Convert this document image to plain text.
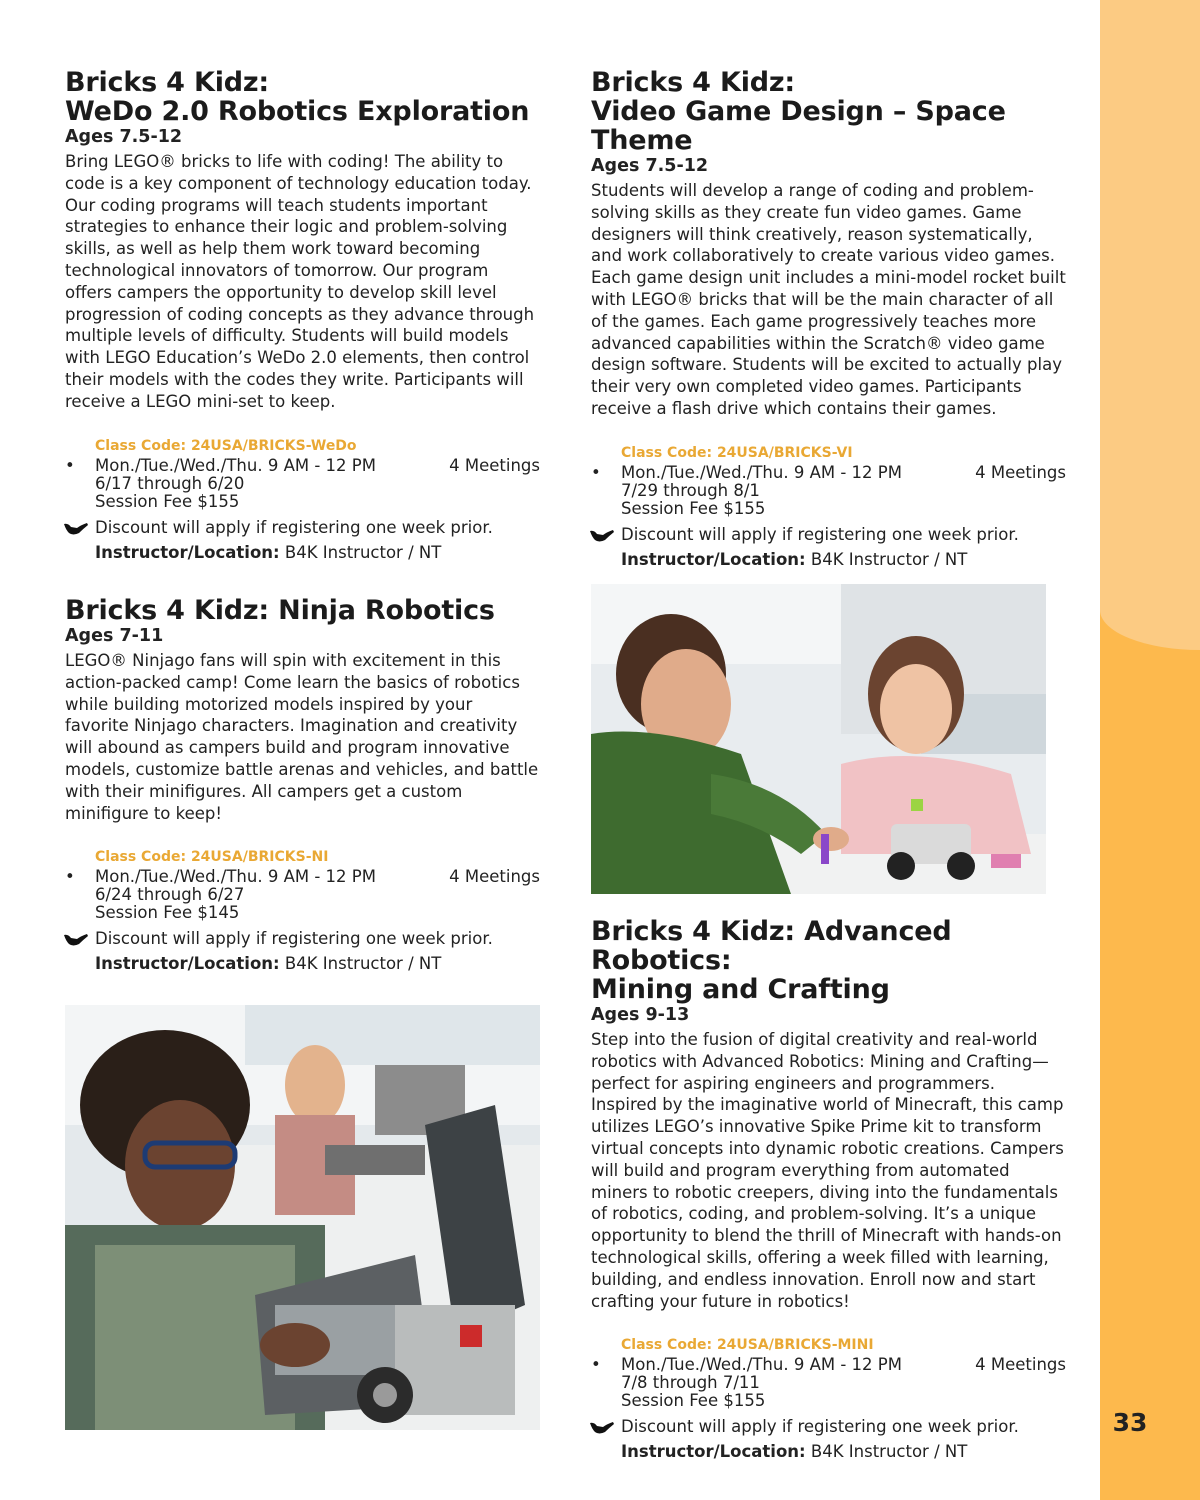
33
Bricks 4 Kidz:
WeDo 2.0 Robotics Exploration
Ages 7.5-12
Bring LEGO® bricks to life with coding! The ability to code is a key component of technology education today. Our coding programs will teach students important strategies to enhance their logic and problem-solving skills, as well as help them work toward becoming technological innovators of tomorrow. Our program offers campers the opportunity to develop skill level progression of coding concepts as they advance through multiple levels of difficulty. Students will build models with LEGO Education’s WeDo 2.0 elements, then control their models with the codes they write. Participants will receive a LEGO mini-set to keep.
Class Code: 24USA/BRICKS-WeDo
• Mon./Tue./Wed./Thu. 9 AM - 12 PM	4 Meetings
6/17 through 6/20
Session Fee $155
Discount will apply if registering one week prior.
Instructor/Location: B4K Instructor / NT
Bricks 4 Kidz: Ninja Robotics
Ages 7-11
LEGO® Ninjago fans will spin with excitement in this action-packed camp! Come learn the basics of robotics while building motorized models inspired by your favorite Ninjago characters. Imagination and creativity will abound as campers build and program innovative models, customize battle arenas and vehicles, and battle with their minifigures. All campers get a custom minifigure to keep!
Class Code: 24USA/BRICKS-NI
• Mon./Tue./Wed./Thu. 9 AM - 12 PM	4 Meetings
6/24 through 6/27
Session Fee $145
Discount will apply if registering one week prior.
Instructor/Location: B4K Instructor / NT
Bricks 4 Kidz:
Video Game Design – Space Theme
Ages 7.5-12
Students will develop a range of coding and problem-solving skills as they create fun video games. Game designers will think creatively, reason systematically, and work collaboratively to create various video games. Each game design unit includes a mini-model rocket built with LEGO® bricks that will be the main character of all of the games. Each game progressively teaches more advanced capabilities within the Scratch® video game design software. Students will be excited to actually play their very own completed video games. Participants receive a flash drive which contains their games.
Class Code: 24USA/BRICKS-VI
• Mon./Tue./Wed./Thu. 9 AM - 12 PM	4 Meetings
7/29 through 8/1
Session Fee $155
Discount will apply if registering one week prior.
Instructor/Location: B4K Instructor / NT
Bricks 4 Kidz: Advanced Robotics:
Mining and Crafting
Ages 9-13
Step into the fusion of digital creativity and real-world robotics with Advanced Robotics: Mining and Crafting—perfect for aspiring engineers and programmers. Inspired by the imaginative world of Minecraft, this camp utilizes LEGO’s innovative Spike Prime kit to transform virtual concepts into dynamic robotic creations. Campers will build and program everything from automated miners to robotic creepers, diving into the fundamentals of robotics, coding, and problem-solving. It’s a unique opportunity to blend the thrill of Minecraft with hands-on technological skills, offering a week filled with learning, building, and endless innovation. Enroll now and start crafting your future in robotics!
Class Code: 24USA/BRICKS-MINI
• Mon./Tue./Wed./Thu. 9 AM - 12 PM	4 Meetings
7/8 through 7/11
Session Fee $155
Discount will apply if registering one week prior.
Instructor/Location: B4K Instructor / NT
